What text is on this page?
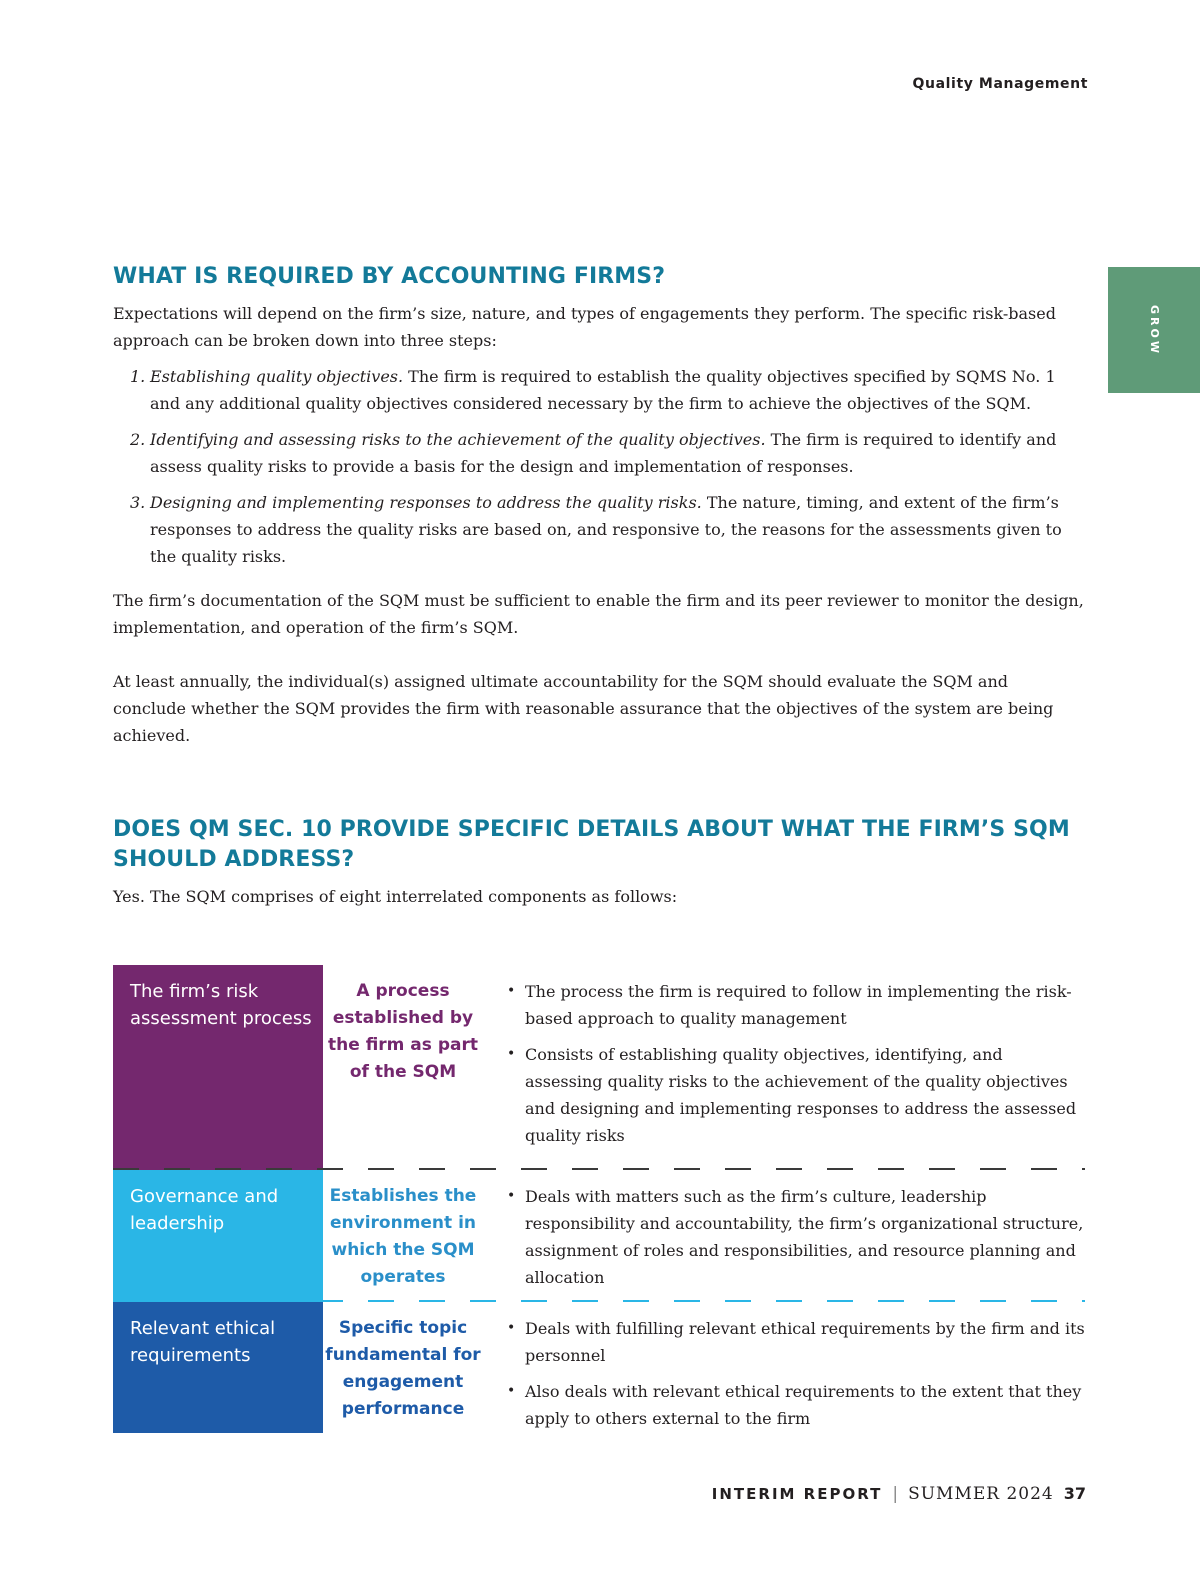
Quality Management
GROW
WHAT IS REQUIRED BY ACCOUNTING FIRMS?

Expectations will depend on the firm’s size, nature, and types of engagements they perform. The specific risk-based approach can be broken down into three steps:

1. Establishing quality objectives. The firm is required to establish the quality objectives specified by SQMS No. 1 and any additional quality objectives considered necessary by the firm to achieve the objectives of the SQM.
2. Identifying and assessing risks to the achievement of the quality objectives. The firm is required to identify and assess quality risks to provide a basis for the design and implementation of responses.
3. Designing and implementing responses to address the quality risks. The nature, timing, and extent of the firm’s responses to address the quality risks are based on, and responsive to, the reasons for the assessments given to the quality risks.

The firm’s documentation of the SQM must be sufficient to enable the firm and its peer reviewer to monitor the design, implementation, and operation of the firm’s SQM.

At least annually, the individual(s) assigned ultimate accountability for the SQM should evaluate the SQM and conclude whether the SQM provides the firm with reasonable assurance that the objectives of the system are being achieved.

DOES QM SEC. 10 PROVIDE SPECIFIC DETAILS ABOUT WHAT THE FIRM’S SQM SHOULD ADDRESS?

Yes. The SQM comprises of eight interrelated components as follows:

The firm’s risk assessment process
A process established by the firm as part of the SQM
• The process the firm is required to follow in implementing the risk-based approach to quality management
• Consists of establishing quality objectives, identifying, and assessing quality risks to the achievement of the quality objectives and designing and implementing responses to address the assessed quality risks
Governance and leadership
Establishes the environment in which the SQM operates
• Deals with matters such as the firm’s culture, leadership responsibility and accountability, the firm’s organizational structure, assignment of roles and responsibilities, and resource planning and allocation
Relevant ethical requirements
Specific topic fundamental for engagement performance
• Deals with fulfilling relevant ethical requirements by the firm and its personnel
• Also deals with relevant ethical requirements to the extent that they apply to others external to the firm
INTERIM REPORT | SUMMER 2024 37
